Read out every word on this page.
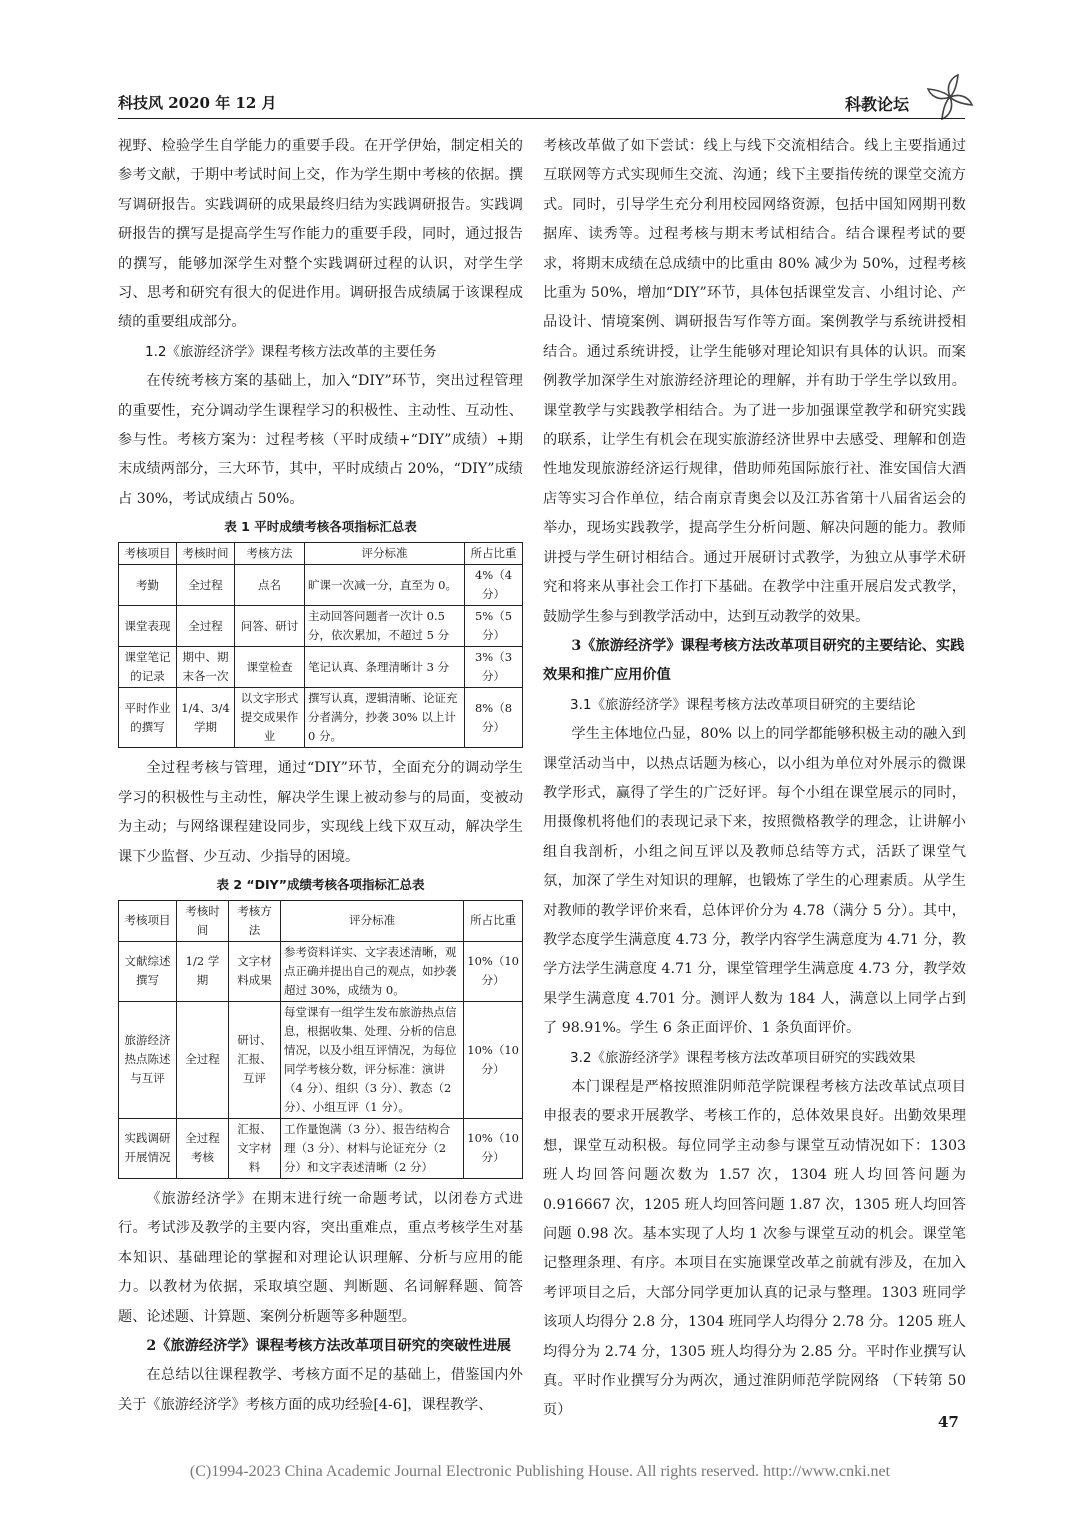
科技风 2020 年 12 月	科教论坛

视野、检验学生自学能力的重要手段。在开学伊始，制定相关的参考文献，于期中考试时间上交，作为学生期中考核的依据。撰写调研报告。实践调研的成果最终归结为实践调研报告。实践调研报告的撰写是提高学生写作能力的重要手段，同时，通过报告的撰写，能够加深学生对整个实践调研过程的认识，对学生学习、思考和研究有很大的促进作用。调研报告成绩属于该课程成绩的重要组成部分。

1.2《旅游经济学》课程考核方法改革的主要任务

在传统考核方案的基础上，加入“DIY”环节，突出过程管理的重要性，充分调动学生课程学习的积极性、主动性、互动性、参与性。考核方案为：过程考核（平时成绩+“DIY”成绩）+期末成绩两部分，三大环节，其中，平时成绩占 20%，“DIY”成绩占 30%，考试成绩占 50%。

表 1 平时成绩考核各项指标汇总表

考核项目	考核时间	考核方法	评分标准	所占比重
考勤	全过程	点名	旷课一次减一分，直至为 0。	4%（4 分）
课堂表现	全过程	问答、研讨	主动回答问题者一次计 0.5 分，依次累加，不超过 5 分	5%（5 分）
课堂笔记的记录	期中、期末各一次	课堂检查	笔记认真、条理清晰计 3 分	3%（3 分）
平时作业的撰写	1/4、3/4 学期	以文字形式提交成果作业	撰写认真，逻辑清晰、论证充分者满分，抄袭 30% 以上计 0 分。	8%（8 分）

全过程考核与管理，通过“DIY”环节，全面充分的调动学生学习的积极性与主动性，解决学生课上被动参与的局面，变被动为主动；与网络课程建设同步，实现线上线下双互动，解决学生课下少监督、少互动、少指导的困境。

表 2 “DIY”成绩考核各项指标汇总表

考核项目	考核时间	考核方法	评分标准	所占比重
文献综述撰写	1/2 学期	文字材料成果	参考资料详实、文字表述清晰，观点正确并提出自己的观点，如抄袭超过 30%，成绩为 0。	10%（10 分）
旅游经济热点陈述与互评	全过程	研讨、汇报、互评	每堂课有一组学生发布旅游热点信息，根据收集、处理、分析的信息情况，以及小组互评情况，为每位同学考核分数，评分标准：演讲（4 分）、组织（3 分）、教态（2 分）、小组互评（1 分）。	10%（10 分）
实践调研开展情况	全过程考核	汇报、文字材料	工作量饱满（3 分）、报告结构合理（3 分）、材料与论证充分（2 分）和文字表述清晰（2 分）	10%（10 分）

《旅游经济学》在期末进行统一命题考试，以闭卷方式进行。考试涉及教学的主要内容，突出重难点，重点考核学生对基本知识、基础理论的掌握和对理论认识理解、分析与应用的能力。以教材为依据，采取填空题、判断题、名词解释题、简答题、论述题、计算题、案例分析题等多种题型。

2《旅游经济学》课程考核方法改革项目研究的突破性进展

在总结以往课程教学、考核方面不足的基础上，借鉴国内外关于《旅游经济学》考核方面的成功经验[4-6]，课程教学、

考核改革做了如下尝试：线上与线下交流相结合。线上主要指通过互联网等方式实现师生交流、沟通；线下主要指传统的课堂交流方式。同时，引导学生充分利用校园网络资源，包括中国知网期刊数据库、读秀等。过程考核与期末考试相结合。结合课程考试的要求，将期末成绩在总成绩中的比重由 80% 减少为 50%，过程考核比重为 50%，增加“DIY”环节，具体包括课堂发言、小组讨论、产品设计、情境案例、调研报告写作等方面。案例教学与系统讲授相结合。通过系统讲授，让学生能够对理论知识有具体的认识。而案例教学加深学生对旅游经济理论的理解，并有助于学生学以致用。课堂教学与实践教学相结合。为了进一步加强课堂教学和研究实践的联系，让学生有机会在现实旅游经济世界中去感受、理解和创造性地发现旅游经济运行规律，借助师苑国际旅行社、淮安国信大酒店等实习合作单位，结合南京青奥会以及江苏省第十八届省运会的举办，现场实践教学，提高学生分析问题、解决问题的能力。教师讲授与学生研讨相结合。通过开展研讨式教学，为独立从事学术研究和将来从事社会工作打下基础。在教学中注重开展启发式教学，鼓励学生参与到教学活动中，达到互动教学的效果。

3《旅游经济学》课程考核方法改革项目研究的主要结论、实践效果和推广应用价值

3.1《旅游经济学》课程考核方法改革项目研究的主要结论

学生主体地位凸显，80% 以上的同学都能够积极主动的融入到课堂活动当中，以热点话题为核心，以小组为单位对外展示的微课教学形式，赢得了学生的广泛好评。每个小组在课堂展示的同时，用摄像机将他们的表现记录下来，按照微格教学的理念，让讲解小组自我剖析，小组之间互评以及教师总结等方式，活跃了课堂气氛，加深了学生对知识的理解，也锻炼了学生的心理素质。从学生对教师的教学评价来看，总体评价分为 4.78（满分 5 分）。其中，教学态度学生满意度 4.73 分，教学内容学生满意度为 4.71 分，教学方法学生满意度 4.71 分，课堂管理学生满意度 4.73 分，教学效果学生满意度 4.701 分。测评人数为 184 人，满意以上同学占到了 98.91%。学生 6 条正面评价、1 条负面评价。

3.2《旅游经济学》课程考核方法改革项目研究的实践效果

本门课程是严格按照淮阴师范学院课程考核方法改革试点项目申报表的要求开展教学、考核工作的，总体效果良好。出勤效果理想，课堂互动积极。每位同学主动参与课堂互动情况如下：1303 班人均回答问题次数为 1.57 次，1304 班人均回答问题为 0.916667 次，1205 班人均回答问题 1.87 次，1305 班人均回答问题 0.98 次。基本实现了人均 1 次参与课堂互动的机会。课堂笔记整理条理、有序。本项目在实施课堂改革之前就有涉及，在加入考评项目之后，大部分同学更加认真的记录与整理。1303 班同学该项人均得分 2.8 分，1304 班同学人均得分 2.78 分。1205 班人均得分为 2.74 分，1305 班人均得分为 2.85 分。平时作业撰写认真。平时作业撰写分为两次，通过淮阴师范学院网络 （下转第 50 页）

47
(C)1994-2023 China Academic Journal Electronic Publishing House. All rights reserved. http://www.cnki.net
